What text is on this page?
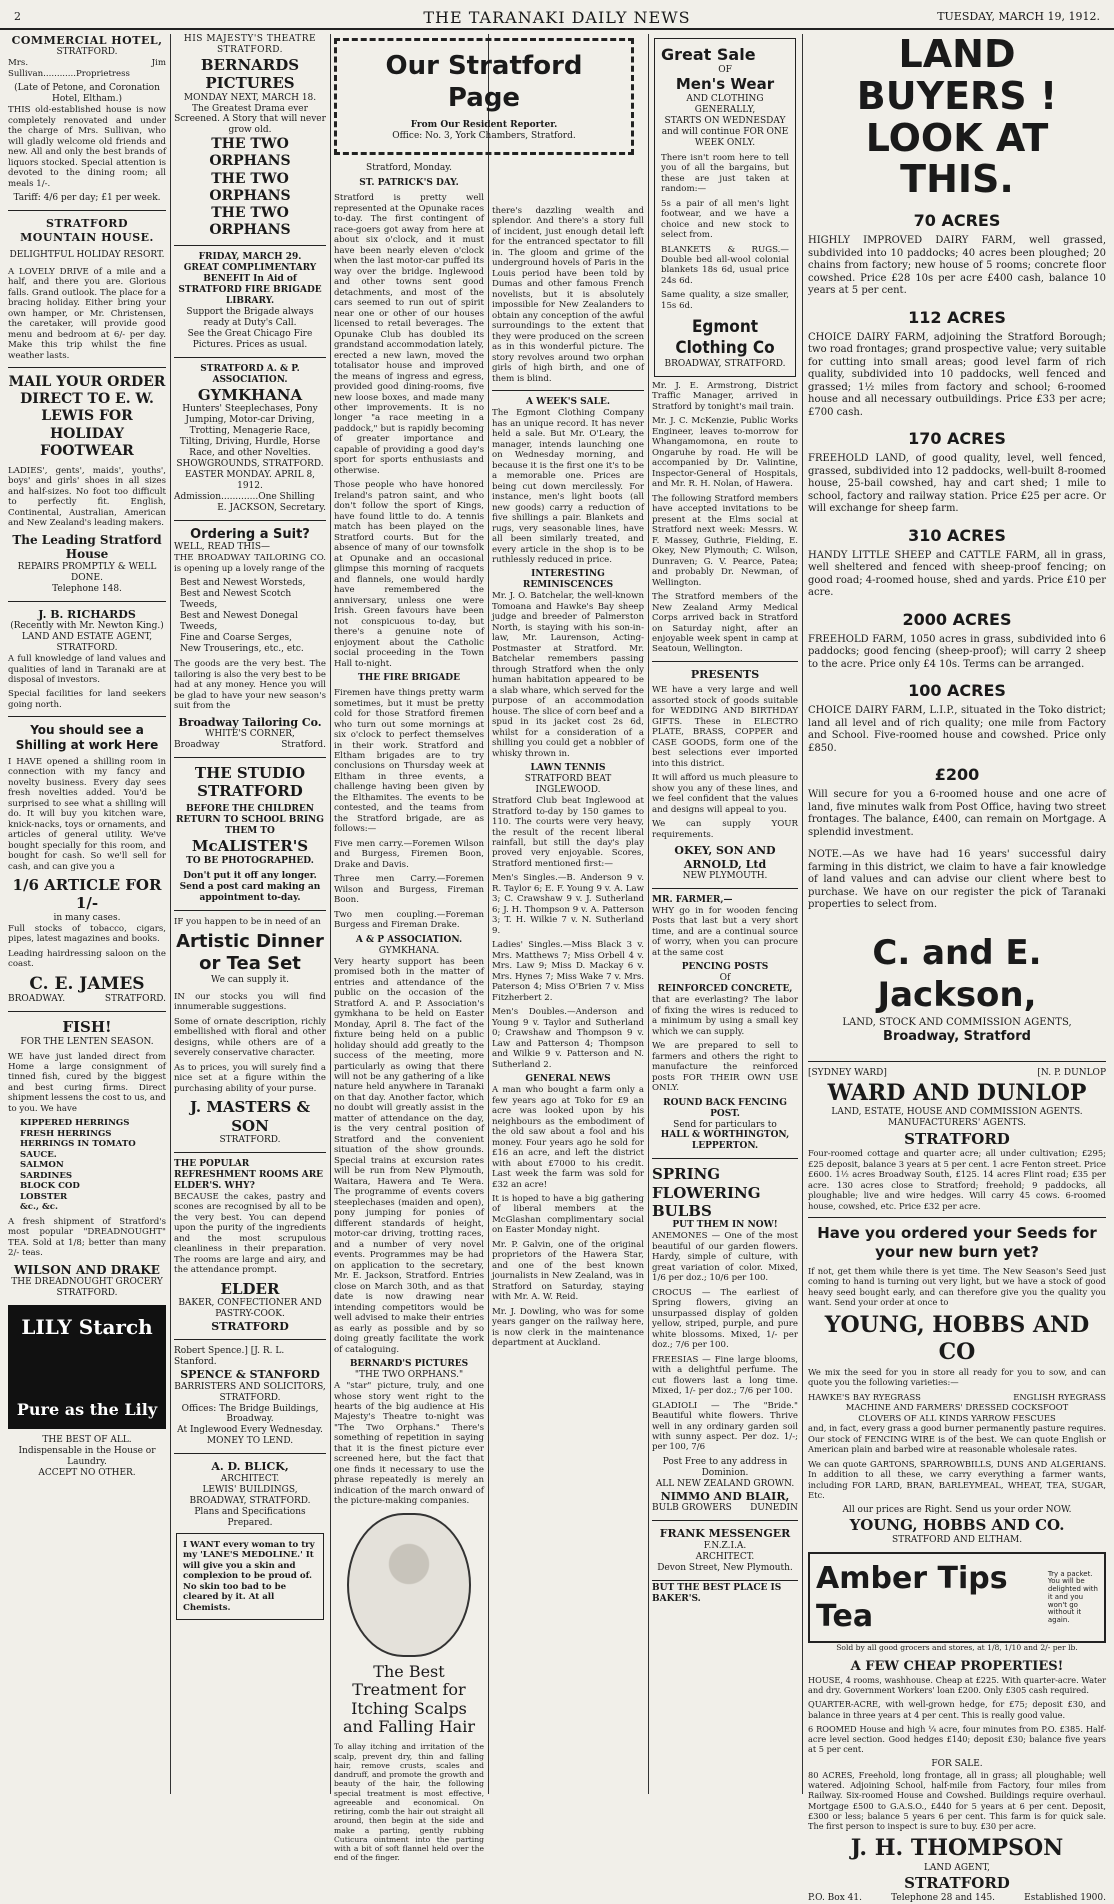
2	THE TARANAKI DAILY NEWS	TUESDAY, MARCH 19, 1912.
COMMERCIAL HOTEL,
STRATFORD.

Mrs. Jim Sullivan............Proprietress

(Late of Petone, and Coronation Hotel, Eltham.)

THIS old-established house is now completely renovated and under the charge of Mrs. Sullivan, who will gladly welcome old friends and new. All and only the best brands of liquors stocked. Special attention is devoted to the dining room; all meals 1/-.

Tariff: 4/6 per day; £1 per week.
STRATFORD MOUNTAIN HOUSE.
DELIGHTFUL HOLIDAY RESORT.

A LOVELY DRIVE of a mile and a half, and there you are. Glorious falls. Grand outlook. The place for a bracing holiday. Either bring your own hamper, or Mr. Christensen, the caretaker, will provide good menu and bedroom at 6/- per day. Make this trip whilst the fine weather lasts.

MAIL YOUR ORDER DIRECT TO E. W. LEWIS FOR HOLIDAY FOOTWEAR

LADIES', gents', maids', youths', boys' and girls' shoes in all sizes and half-sizes. No foot too difficult to perfectly fit. English, Continental, Australian, American and New Zealand's leading makers.

The Leading Stratford House
REPAIRS PROMPTLY & WELL DONE.
Telephone 148.
J. B. RICHARDS
(Recently with Mr. Newton King.)
LAND AND ESTATE AGENT, STRATFORD.

A full knowledge of land values and qualities of land in Taranaki are at disposal of investors.

Special facilities for land seekers going north.

You should see a Shilling at work Here

I HAVE opened a shilling room in connection with my fancy and novelty business. Every day sees fresh novelties added. You'd be surprised to see what a shilling will do. It will buy you kitchen ware, knick-nacks, toys or ornaments, and articles of general utility. We've bought specially for this room, and bought for cash. So we'll sell for cash, and can give you a

1/6 ARTICLE FOR 1/-
in many cases.

Full stocks of tobacco, cigars, pipes, latest magazines and books.

Leading hairdressing saloon on the coast.

C. E. JAMES
BROADWAY.	STRATFORD.
FISH!
FOR THE LENTEN SEASON.

WE have just landed direct from Home a large consignment of tinned fish, cured by the biggest and best curing firms. Direct shipment lessens the cost to us, and to you. We have

KIPPERED HERRINGS
FRESH HERRINGS
HERRINGS IN TOMATO SAUCE.
SALMON
SARDINES
BLOCK COD
LOBSTER
&c., &c.

A fresh shipment of Stratford's most popular "DREADNOUGHT" TEA. Sold at 1/8; better than many 2/- teas.

WILSON AND DRAKE
THE DREADNOUGHT GROCERY STRATFORD.
LILY Starch
Pure as the Lily
THE BEST OF ALL.
Indispensable in the House or Laundry.
ACCEPT NO OTHER.
HIS MAJESTY'S THEATRE STRATFORD.
BERNARDS PICTURES
MONDAY NEXT, MARCH 18.
The Greatest Drama ever Screened. A Story that will never grow old.
THE TWO ORPHANS
THE TWO ORPHANS
THE TWO ORPHANS
FRIDAY, MARCH 29.
GREAT COMPLIMENTARY BENEFIT In Aid of STRATFORD FIRE BRIGADE LIBRARY.
Support the Brigade always ready at Duty's Call.
See the Great Chicago Fire Pictures. Prices as usual.
STRATFORD A. & P. ASSOCIATION.
GYMKHANA
Hunters' Steeplechases, Pony Jumping, Motor-car Driving, Trotting, Menagerie Race, Tilting, Driving, Hurdle, Horse Race, and other Novelties.
SHOWGROUNDS, STRATFORD.
EASTER MONDAY. APRIL 8, 1912.
Admission.............One Shilling
E. JACKSON, Secretary.
Ordering a Suit?
WELL, READ THIS—

THE BROADWAY TAILORING CO. is opening up a lovely range of the

Best and Newest Worsteds,
Best and Newest Scotch Tweeds,
Best and Newest Donegal Tweeds,
Fine and Coarse Serges,
New Trouserings, etc., etc.

The goods are the very best. The tailoring is also the very best to be had at any money. Hence you will be glad to have your new season's suit from the

Broadway Tailoring Co.
WHITE'S CORNER,
Broadway	Stratford.
THE STUDIO STRATFORD
BEFORE THE CHILDREN RETURN TO SCHOOL BRING THEM TO
McALISTER'S
TO BE PHOTOGRAPHED.
Don't put it off any longer. Send a post card making an appointment to-day.

IF you happen to be in need of an

Artistic Dinner or Tea Set
We can supply it.

IN our stocks you will find innumerable suggestions.

Some of ornate description, richly embellished with floral and other designs, while others are of a severely conservative character.

As to prices, you will surely find a nice set at a figure within the purchasing ability of your purse.

J. MASTERS & SON
STRATFORD.
THE POPULAR REFRESHMENT ROOMS ARE ELDER'S. WHY?

BECAUSE the cakes, pastry and scones are recognised by all to be the very best. You can depend upon the purity of the ingredients and the most scrupulous cleanliness in their preparation. The rooms are large and airy, and the attendance prompt.

ELDER
BAKER, CONFECTIONER AND PASTRY-COOK.
STRATFORD
Robert Spence.] [J. R. L. Stanford.
SPENCE & STANFORD
BARRISTERS AND SOLICITORS, STRATFORD.
Offices: The Bridge Buildings, Broadway.
At Inglewood Every Wednesday.
MONEY TO LEND.
A. D. BLICK,
ARCHITECT.
LEWIS' BUILDINGS, BROADWAY, STRATFORD.
Plans and Specifications Prepared.
I WANT every woman to try my 'LANE'S MEDOLINE.' It will give you a skin and complexion to be proud of. No skin too bad to be cleared by it. At all Chemists.
Our Stratford Page
From Our Resident Reporter.
Office: No. 3, York Chambers, Stratford.
Stratford, Monday.
ST. PATRICK'S DAY.

Stratford is pretty well represented at the Opunake races to-day. The first contingent of race-goers got away from here at about six o'clock, and it must have been nearly eleven o'clock when the last motor-car puffed its way over the bridge. Inglewood and other towns sent good detachments, and most of the cars seemed to run out of spirit near one or other of our houses licensed to retail beverages. The Opunake Club has doubled its grandstand accommodation lately, erected a new lawn, moved the totalisator house and improved the means of ingress and egress, provided good dining-rooms, five new loose boxes, and made many other improvements. It is no longer "a race meeting in a paddock," but is rapidly becoming of greater importance and capable of providing a good day's sport for sports enthusiasts and otherwise.

Those people who have honored Ireland's patron saint, and who don't follow the sport of Kings, have found little to do. A tennis match has been played on the Stratford courts. But for the absence of many of our townsfolk at Opunake and an occasional glimpse this morning of racquets and flannels, one would hardly have remembered the anniversary, unless one were Irish. Green favours have been not conspicuous to-day, but there's a genuine note of enjoyment about the Catholic social proceeding in the Town Hall to-night.

THE FIRE BRIGADE

Firemen have things pretty warm sometimes, but it must be pretty cold for those Stratford firemen who turn out some mornings at six o'clock to perfect themselves in their work. Stratford and Eltham brigades are to try conclusions on Thursday week at Eltham in three events, a challenge having been given by the Elthamites. The events to be contested, and the teams from the Stratford brigade, are as follows:—

Five men carry.—Foremen Wilson and Burgess, Firemen Boon, Drake and Davis.

Three men Carry.—Foremen Wilson and Burgess, Fireman Boon.

Two men coupling.—Foreman Burgess and Fireman Drake.

A & P ASSOCIATION.
GYMKHANA.

Very hearty support has been promised both in the matter of entries and attendance of the public on the occasion of the Stratford A. and P. Association's gymkhana to be held on Easter Monday, April 8. The fact of the fixture being held on a public holiday should add greatly to the success of the meeting, more particularly as owing that there will not be any gathering of a like nature held anywhere in Taranaki on that day. Another factor, which no doubt will greatly assist in the matter of attendance on the day, is the very central position of Stratford and the convenient situation of the show grounds. Special trains at excursion rates will be run from New Plymouth, Waitara, Hawera and Te Wera. The programme of events covers steeplechases (maiden and open), pony jumping for ponies of different standards of height, motor-car driving, trotting races, and a number of very novel events. Programmes may be had on application to the secretary, Mr. E. Jackson, Stratford. Entries close on March 30th, and as that date is now drawing near intending competitors would be well advised to make their entries as early as possible and by so doing greatly facilitate the work of cataloguing.

BERNARD'S PICTURES
"THE TWO ORPHANS."

A "star" picture, truly, and one whose story went right to the hearts of the big audience at His Majesty's Theatre to-night was "The Two Orphans." There's something of repetition in saying that it is the finest picture ever screened here, but the fact that one finds it necessary to use the phrase repeatedly is merely an indication of the march onward of the picture-making companies.

The Best Treatment for Itching Scalps and Falling Hair

To allay itching and irritation of the scalp, prevent dry, thin and falling hair, remove crusts, scales and dandruff, and promote the growth and beauty of the hair, the following special treatment is most effective, agreeable and economical. On retiring, comb the hair out straight all around, then begin at the side and make a parting, gently rubbing Cuticura ointment into the parting with a bit of soft flannel held over the end of the finger.

there's dazzling wealth and splendor. And there's a story full of incident, just enough detail left for the entranced spectator to fill in. The gloom and grime of the underground hovels of Paris in the Louis period have been told by Dumas and other famous French novelists, but it is absolutely impossible for New Zealanders to obtain any conception of the awful surroundings to the extent that they were produced on the screen as in this wonderful picture. The story revolves around two orphan girls of high birth, and one of them is blind.

A WEEK'S SALE.

The Egmont Clothing Company has an unique record. It has never held a sale. But Mr. O'Leary, the manager, intends launching one on Wednesday morning, and because it is the first one it's to be a memorable one. Prices are being cut down mercilessly. For instance, men's light boots (all new goods) carry a reduction of five shillings a pair. Blankets and rugs, very seasonable lines, have all been similarly treated, and every article in the shop is to be ruthlessly reduced in price.

INTERESTING REMINISCENCES

Mr. J. O. Batchelar, the well-known Tomoana and Hawke's Bay sheep judge and breeder of Palmerston North, is staying with his son-in-law, Mr. Laurenson, Acting-Postmaster at Stratford. Mr. Batchelar remembers passing through Stratford when the only human habitation appeared to be a slab whare, which served for the purpose of an accommodation house. The slice of corn beef and a spud in its jacket cost 2s 6d, whilst for a consideration of a shilling you could get a nobbler of whisky thrown in.

LAWN TENNIS
STRATFORD BEAT INGLEWOOD.

Stratford Club beat Inglewood at Stratford to-day by 150 games to 110. The courts were very heavy, the result of the recent liberal rainfall, but still the day's play proved very enjoyable. Scores, Stratford mentioned first:—

Men's Singles.—B. Anderson 9 v. R. Taylor 6; E. F. Young 9 v. A. Law 3; C. Crawshaw 9 v. J. Sutherland 6; J. H. Thompson 9 v. A. Patterson 3; T. H. Wilkie 7 v. N. Sutherland 9.

Ladies' Singles.—Miss Black 3 v. Mrs. Matthews 7; Miss Orbell 4 v. Mrs. Law 9; Miss D. Mackay 6 v. Mrs. Hynes 7; Miss Wake 7 v. Mrs. Paterson 4; Miss O'Brien 7 v. Miss Fitzherbert 2.

Men's Doubles.—Anderson and Young 9 v. Taylor and Sutherland 0; Crawshaw and Thompson 9 v. Law and Patterson 4; Thompson and Wilkie 9 v. Patterson and N. Sutherland 2.

GENERAL NEWS

A man who bought a farm only a few years ago at Toko for £9 an acre was looked upon by his neighbours as the embodiment of the old saw about a fool and his money. Four years ago he sold for £16 an acre, and left the district with about £7000 to his credit. Last week the farm was sold for £32 an acre!

It is hoped to have a big gathering of liberal members at the McGlashan complimentary social on Easter Monday night.

Mr. P. Galvin, one of the original proprietors of the Hawera Star, and one of the best known journalists in New Zealand, was in Stratford on Saturday, staying with Mr. A. W. Reid.

Mr. J. Dowling, who was for some years ganger on the railway here, is now clerk in the maintenance department at Auckland.

Great Sale
OF
Men's Wear
AND CLOTHING GENERALLY,
STARTS ON WEDNESDAY and will continue FOR ONE WEEK ONLY.

There isn't room here to tell you of all the bargains, but these are just taken at random:—

5s a pair of all men's light footwear, and we have a choice and new stock to select from.

BLANKETS & RUGS.—Double bed all-wool colonial blankets 18s 6d, usual price 24s 6d.

Same quality, a size smaller, 15s 6d.

Egmont Clothing Co
BROADWAY, STRATFORD.

Mr. J. E. Armstrong, District Traffic Manager, arrived in Stratford by tonight's mail train.

Mr. J. C. McKenzie, Public Works Engineer, leaves to-morrow for Whangamomona, en route to Ongaruhe by road. He will be accompanied by Dr. Valintine, Inspector-General of Hospitals, and Mr. R. H. Nolan, of Hawera.

The following Stratford members have accepted invitations to be present at the Elms social at Stratford next week: Messrs. W. F. Massey, Guthrie, Fielding, E. Okey, New Plymouth; C. Wilson, Dunraven; G. V. Pearce, Patea; and probably Dr. Newman, of Wellington.

The Stratford members of the New Zealand Army Medical Corps arrived back in Stratford on Saturday night, after an enjoyable week spent in camp at Seatoun, Wellington.

PRESENTS

WE have a very large and well assorted stock of goods suitable for WEDDING AND BIRTHDAY GIFTS. These in ELECTRO PLATE, BRASS, COPPER and CASE GOODS, form one of the best selections ever imported into this district.

It will afford us much pleasure to show you any of these lines, and we feel confident that the values and designs will appeal to you.

We can supply YOUR requirements.

OKEY, SON AND ARNOLD, Ltd
NEW PLYMOUTH.
MR. FARMER,—

WHY go in for wooden fencing Posts that last but a very short time, and are a continual source of worry, when you can procure at the same cost

PENCING POSTS
Of
REINFORCED CONCRETE,

that are everlasting? The labor of fixing the wires is reduced to a minimum by using a small key which we can supply.

We are prepared to sell to farmers and others the right to manufacture the reinforced posts FOR THEIR OWN USE ONLY.

ROUND BACK FENCING POST.
Send for particulars to
HALL & WORTHINGTON, LEPPERTON.
SPRING FLOWERING BULBS
PUT THEM IN NOW!

ANEMONES — One of the most beautiful of our garden flowers. Hardy, simple of culture, with great variation of color. Mixed, 1/6 per doz.; 10/6 per 100.

CROCUS — The earliest of Spring flowers, giving an unsurpassed display of golden yellow, striped, purple, and pure white blossoms. Mixed, 1/- per doz.; 7/6 per 100.

FREESIAS — Fine large blooms, with a delightful perfume. The cut flowers last a long time. Mixed, 1/- per doz.; 7/6 per 100.

GLADIOLI — The "Bride." Beautiful white flowers. Thrive well in any ordinary garden soil with sunny aspect. Per doz. 1/-; per 100, 7/6

Post Free to any address in Dominion.
ALL NEW ZEALAND GROWN.
NIMMO AND BLAIR,
BULB GROWERS DUNEDIN
FRANK MESSENGER
F.N.Z.I.A.
ARCHITECT.
Devon Street, New Plymouth.
BUT THE BEST PLACE IS BAKER'S.
LAND BUYERS !
LOOK AT THIS.
70 ACRES

HIGHLY IMPROVED DAIRY FARM, well grassed, subdivided into 10 paddocks; 40 acres been ploughed; 20 chains from factory; new house of 5 rooms; concrete floor cowshed. Price £28 10s per acre £400 cash, balance 10 years at 5 per cent.

112 ACRES

CHOICE DAIRY FARM, adjoining the Stratford Borough; two road frontages; grand prospective value; very suitable for cutting into small areas; good level farm of rich quality, subdivided into 10 paddocks, well fenced and grassed; 1½ miles from factory and school; 6-roomed house and all necessary outbuildings. Price £33 per acre; £700 cash.

170 ACRES

FREEHOLD LAND, of good quality, level, well fenced, grassed, subdivided into 12 paddocks, well-built 8-roomed house, 25-bail cowshed, hay and cart shed; 1 mile to school, factory and railway station. Price £25 per acre. Or will exchange for sheep farm.

310 ACRES

HANDY LITTLE SHEEP and CATTLE FARM, all in grass, well sheltered and fenced with sheep-proof fencing; on good road; 4-roomed house, shed and yards. Price £10 per acre.

2000 ACRES

FREEHOLD FARM, 1050 acres in grass, subdivided into 6 paddocks; good fencing (sheep-proof); will carry 2 sheep to the acre. Price only £4 10s. Terms can be arranged.

100 ACRES

CHOICE DAIRY FARM, L.I.P., situated in the Toko district; land all level and of rich quality; one mile from Factory and School. Five-roomed house and cowshed. Price only £850.

£200

Will secure for you a 6-roomed house and one acre of land, five minutes walk from Post Office, having two street frontages. The balance, £400, can remain on Mortgage. A splendid investment.

NOTE.—As we have had 16 years' successful dairy farming in this district, we claim to have a fair knowledge of land values and can advise our client where best to purchase. We have on our register the pick of Taranaki properties to select from.

C. and E. Jackson,
LAND, STOCK AND COMMISSION AGENTS,
Broadway, Stratford
[SYDNEY WARD]	[N. P. DUNLOP
WARD AND DUNLOP
LAND, ESTATE, HOUSE AND COMMISSION AGENTS. MANUFACTURERS' AGENTS.
STRATFORD

Four-roomed cottage and quarter acre; all under cultivation; £295; £25 deposit, balance 3 years at 5 per cent. 1 acre Fenton street. Price £600. 1½ acres Broadway South, £125. 14 acres Flint road; £35 per acre. 130 acres close to Stratford; freehold; 9 paddocks, all ploughable; live and wire hedges. Will carry 45 cows. 6-roomed house, cowshed, etc. Price £32 per acre.

Have you ordered your Seeds for your new burn yet?

If not, get them while there is yet time. The New Season's Seed just coming to hand is turning out very light, but we have a stock of good heavy seed bought early, and can therefore give you the quality you want. Send your order at once to

YOUNG, HOBBS AND CO

We mix the seed for you in store all ready for you to sow, and can quote you the following varieties:—

HAWKE'S BAY RYEGRASS	ENGLISH RYEGRASS
MACHINE AND FARMERS' DRESSED COCKSFOOT
CLOVERS OF ALL KINDS YARROW FESCUES

and, in fact, every grass a good burner permanently pasture requires. Our stock of FENCING WIRE is of the best. We can quote English or American plain and barbed wire at reasonable wholesale rates.

We can quote GARTONS, SPARROWBILLS, DUNS AND ALGERIANS. In addition to all these, we carry everything a farmer wants, including FOR LARD, BRAN, BARLEYMEAL, WHEAT, TEA, SUGAR, Etc.

All our prices are Right. Send us your order NOW.
YOUNG, HOBBS AND CO.
STRATFORD AND ELTHAM.
Amber Tips Tea
Try a packet. You will be delighted with it and you won't go without it again.
Sold by all good grocers and stores, at 1/8, 1/10 and 2/- per lb.
A FEW CHEAP PROPERTIES!

HOUSE, 4 rooms, washhouse. Cheap at £225. With quarter-acre. Water and dry. Government Workers' loan £200. Only £305 cash required.

QUARTER-ACRE, with well-grown hedge, for £75; deposit £30, and balance in three years at 4 per cent. This is really good value.

6 ROOMED House and high ¼ acre, four minutes from P.O. £385. Half-acre level section. Good hedges £140; deposit £30; balance five years at 5 per cent.

FOR SALE.

80 ACRES, Freehold, long frontage, all in grass; all ploughable; well watered. Adjoining School, half-mile from Factory, four miles from Railway. Six-roomed House and Cowshed. Buildings require overhaul. Mortgage £500 to G.A.S.O., £440 for 5 years at 6 per cent. Deposit, £300 or less; balance 5 years 6 per cent. This farm is for quick sale. The first person to inspect is sure to buy. £30 per acre.

J. H. THOMPSON
LAND AGENT,
STRATFORD
P.O. Box 41.	Telephone 28 and 145.	Established 1900.
